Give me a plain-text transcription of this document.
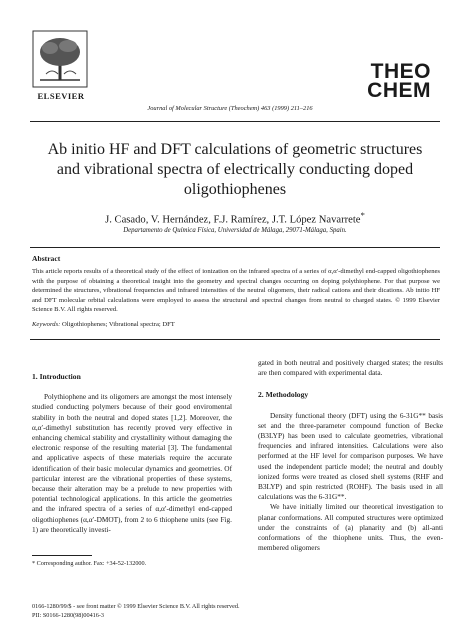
ELSEVIER
Journal of Molecular Structure (Theochem) 463 (1999) 211–216
THEO
CHEM
Ab initio HF and DFT calculations of geometric structures and vibrational spectra of electrically conducting doped oligothiophenes
J. Casado, V. Hernández, F.J. Ramírez, J.T. López Navarrete*
Departamento de Química Física, Universidad de Málaga, 29071-Málaga, Spain.
Abstract
This article reports results of a theoretical study of the effect of ionization on the infrared spectra of a series of α,α′-dimethyl end-capped oligothiophenes with the purpose of obtaining a theoretical insight into the geometry and spectral changes occurring on doping polythiophene. For that purpose we determined the structures, vibrational frequencies and infrared intensities of the neutral oligomers, their radical cations and their dications. Ab initio HF and DFT molecular orbital calculations were employed to assess the structural and spectral changes from neutral to charged states. © 1999 Elsevier Science B.V. All rights reserved.
Keywords: Oligothiophenes; Vibrational spectra; DFT
1. Introduction

Polythiophene and its oligomers are amongst the most intensely studied conducting polymers because of their good enviromental stability in both the neutral and doped states [1,2]. Moreover, the α,α′-dimethyl substitution has recently proved very effective in enhancing chemical stability and crystallinity without damaging the electronic response of the resulting material [3]. The fundamental and applicative aspects of these materials require the accurate identification of their basic molecular dynamics and geometries. Of particular interest are the vibrational properties of these systems, because their alteration may be a prelude to new properties with potential technological applications. In this article the geometries and the infrared spectra of a series of α,α′-dimethyl end-capped oligothiophenes (α,α′-DMOT), from 2 to 6 thiophene units (see Fig. 1) are theoretically investi-

gated in both neutral and positively charged states; the results are then compared with experimental data.

2. Methodology

Density functional theory (DFT) using the 6-31G** basis set and the three-parameter compound function of Becke (B3LYP) has been used to calculate geometries, vibrational frequencies and infrared intensities. Calculations were also performed at the HF level for comparison purposes. We have used the independent particle model; the neutral and doubly ionized forms were treated as closed shell systems (RHF and B3LYP) and spin restricted (ROHF). The basis used in all calculations was the 6-31G**.

We have initially limited our theoretical investigation to planar conformations. All computed structures were optimized under the constraints of (a) planarity and (b) all-anti conformations of the thiophene units. Thus, the even-membered oligomers

* Corresponding author. Fax: +34-52-132000.
0166-1280/99/$ - see front matter © 1999 Elsevier Science B.V. All rights reserved.
PII: S0166-1280(98)00416-3
